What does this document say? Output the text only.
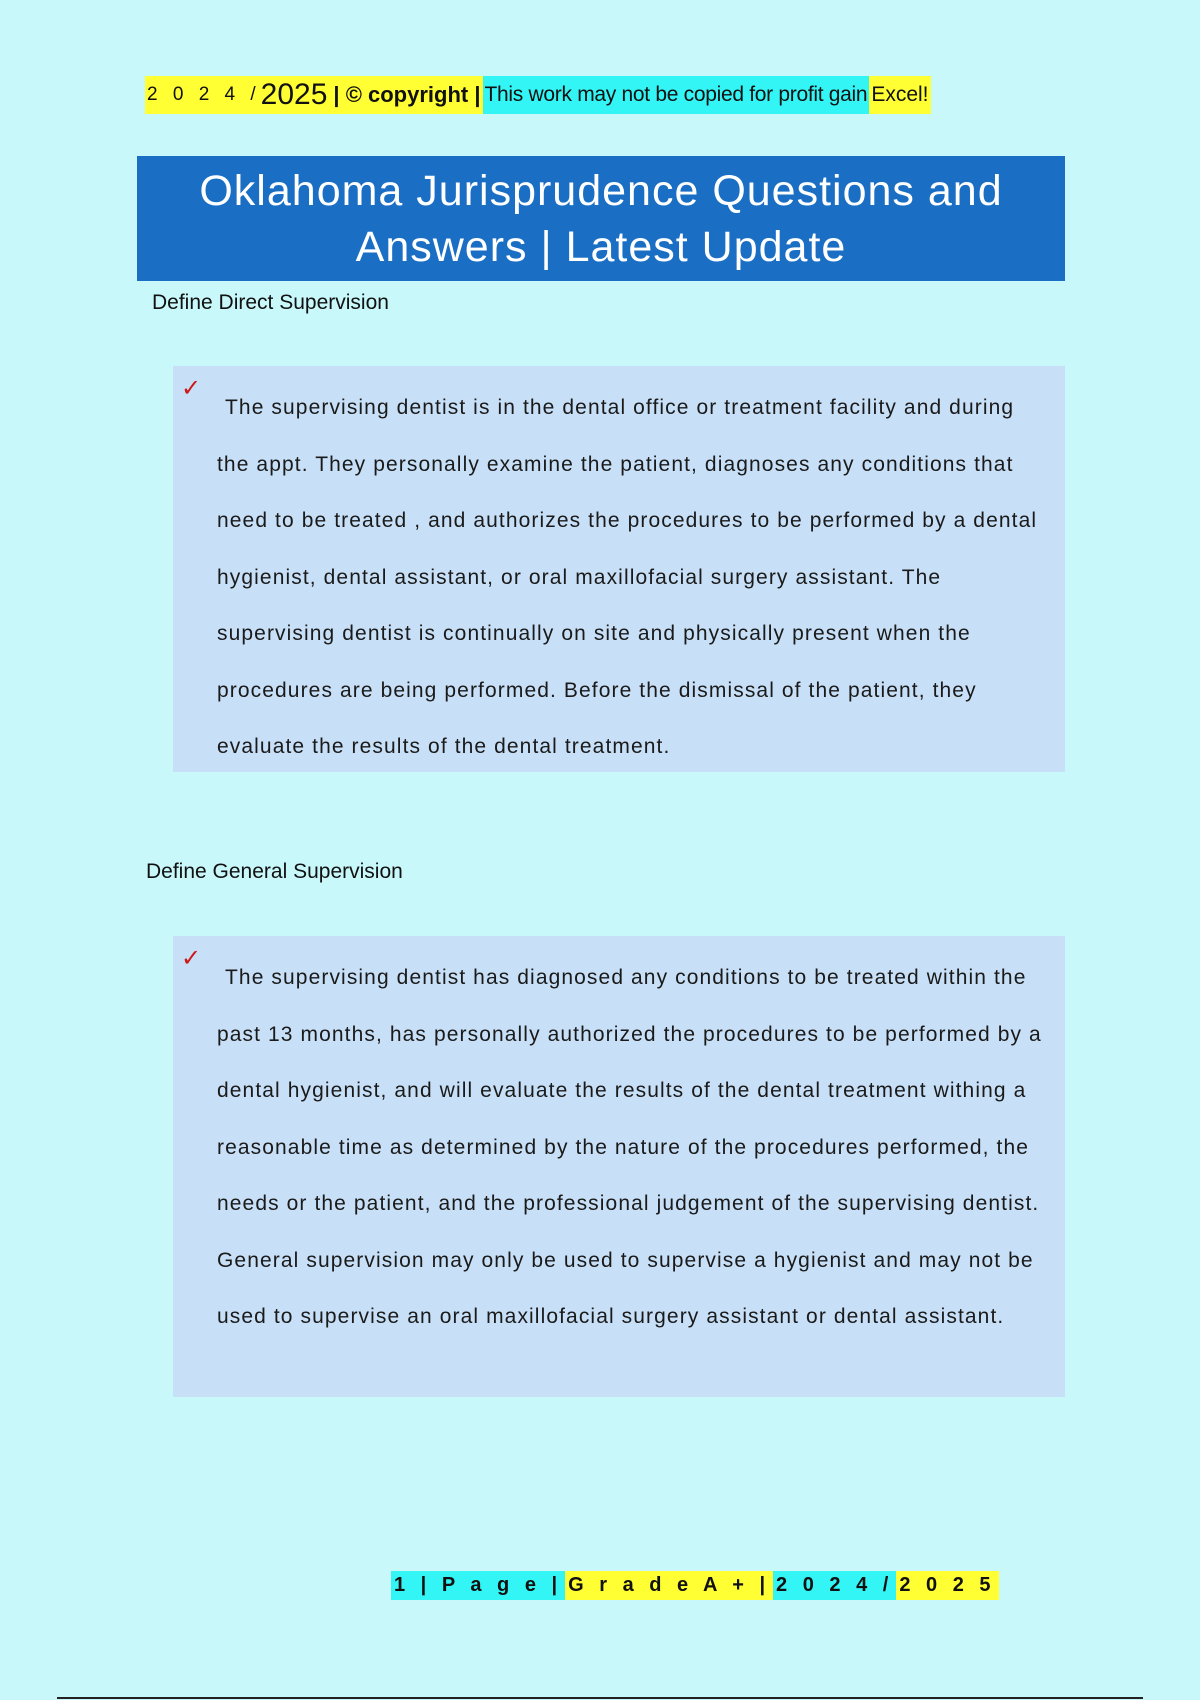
2 0 2 4 / 2025 | © copyright | This work may not be copied for profit gain Excel!
Oklahoma Jurisprudence Questions and Answers | Latest Update
Define Direct Supervision
✓

The supervising dentist is in the dental office or treatment facility and during the appt. They personally examine the patient, diagnoses any conditions that need to be treated , and authorizes the procedures to be performed by a dental hygienist, dental assistant, or oral maxillofacial surgery assistant. The supervising dentist is continually on site and physically present when the procedures are being performed. Before the dismissal of the patient, they evaluate the results of the dental treatment.

Define General Supervision
✓

The supervising dentist has diagnosed any conditions to be treated within the past 13 months, has personally authorized the procedures to be performed by a dental hygienist, and will evaluate the results of the dental treatment withing a reasonable time as determined by the nature of the procedures performed, the needs or the patient, and the professional judgement of the supervising dentist. General supervision may only be used to supervise a hygienist and may not be used to supervise an oral maxillofacial surgery assistant or dental assistant.

1 | P a g e | G r a d e A + | 2 0 2 4 / 2 0 2 5
